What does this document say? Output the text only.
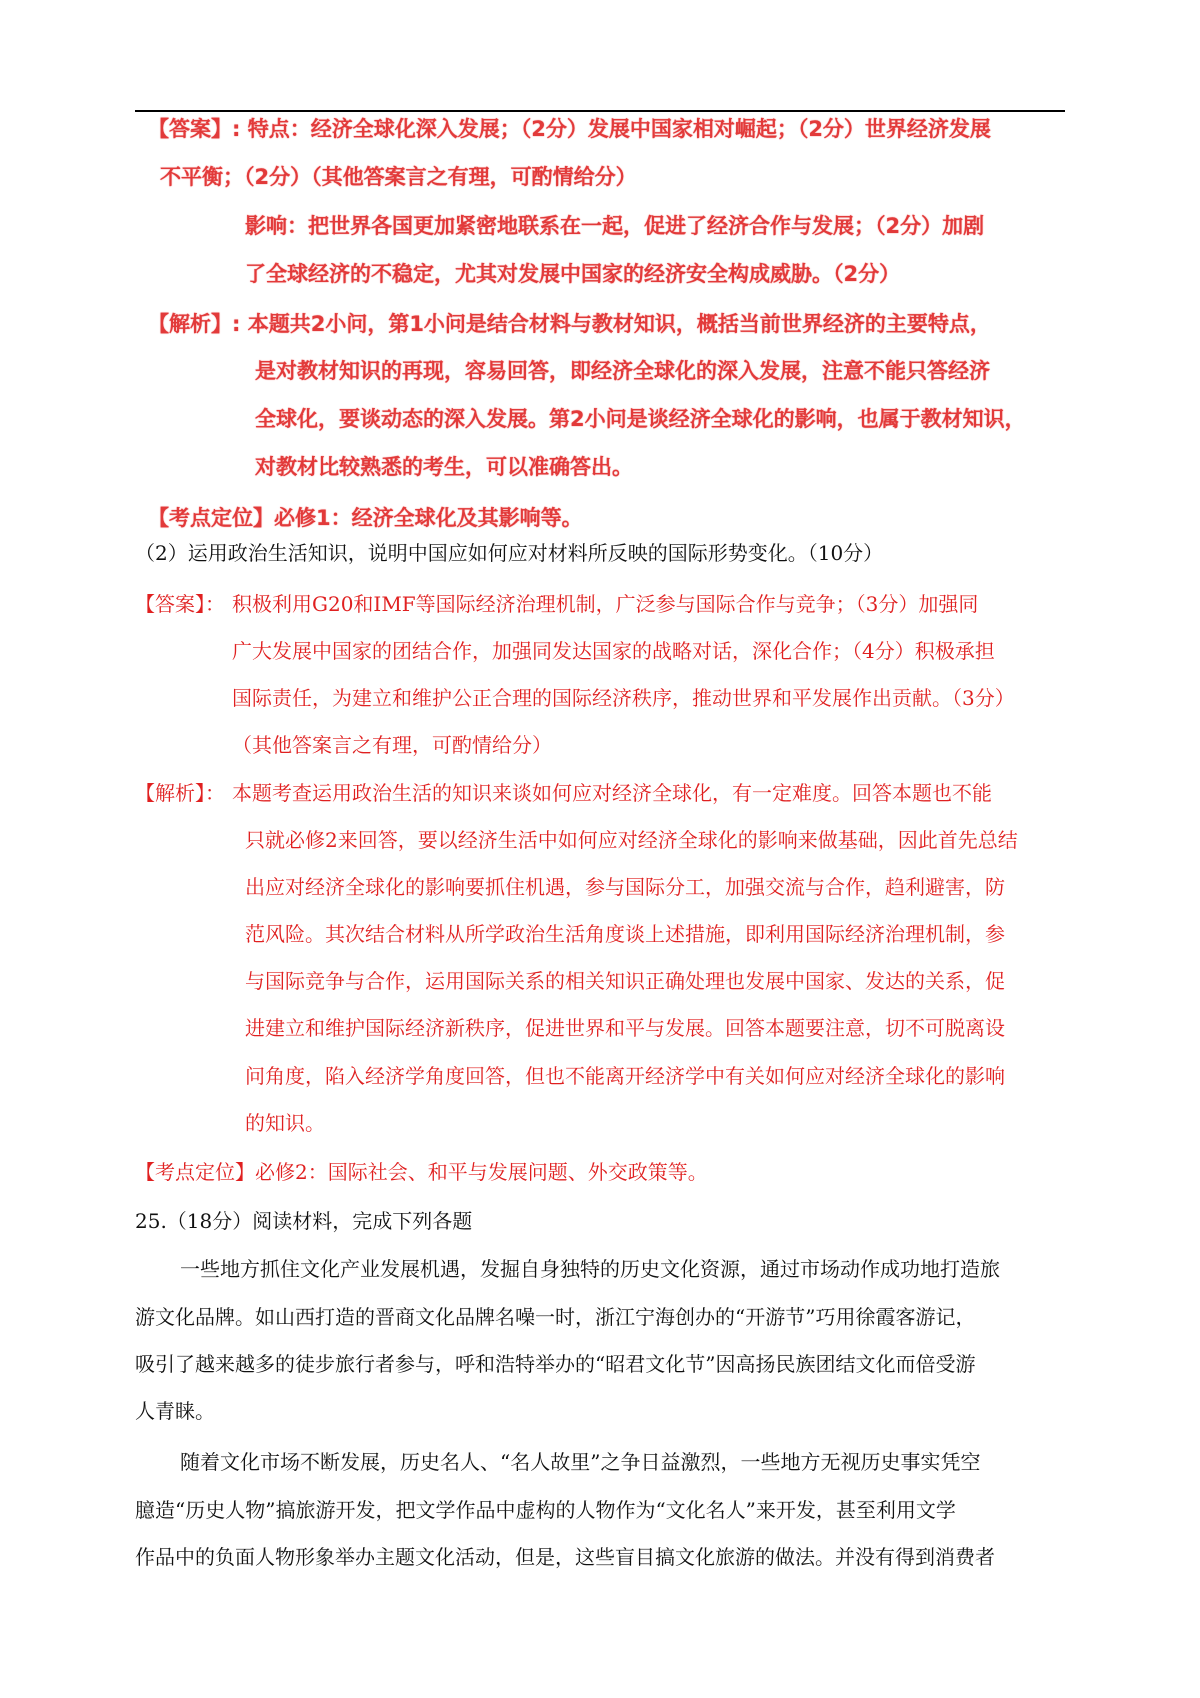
【答案】: 特点：经济全球化深入发展；（2分）发展中国家相对崛起；（2分）世界经济发展
不平衡；（2分）（其他答案言之有理，可酌情给分）
影响：把世界各国更加紧密地联系在一起，促进了经济合作与发展；（2分）加剧
了全球经济的不稳定，尤其对发展中国家的经济安全构成威胁。（2分）
【解析】: 本题共2小问，第1小问是结合材料与教材知识，概括当前世界经济的主要特点，
是对教材知识的再现，容易回答，即经济全球化的深入发展，注意不能只答经济
全球化，要谈动态的深入发展。第2小问是谈经济全球化的影响，也属于教材知识，
对教材比较熟悉的考生，可以准确答出。
【考点定位】必修1：经济全球化及其影响等。
（2）运用政治生活知识，说明中国应如何应对材料所反映的国际形势变化。（10分）
【答案】： 积极利用G20和IMF等国际经济治理机制，广泛参与国际合作与竞争；（3分）加强同
广大发展中国家的团结合作，加强同发达国家的战略对话，深化合作；（4分）积极承担
国际责任，为建立和维护公正合理的国际经济秩序，推动世界和平发展作出贡献。（3分）
（其他答案言之有理，可酌情给分）
【解析】： 本题考查运用政治生活的知识来谈如何应对经济全球化，有一定难度。回答本题也不能
只就必修2来回答，要以经济生活中如何应对经济全球化的影响来做基础，因此首先总结
出应对经济全球化的影响要抓住机遇，参与国际分工，加强交流与合作，趋利避害，防
范风险。其次结合材料从所学政治生活角度谈上述措施，即利用国际经济治理机制，参
与国际竞争与合作，运用国际关系的相关知识正确处理也发展中国家、发达的关系，促
进建立和维护国际经济新秩序，促进世界和平与发展。回答本题要注意，切不可脱离设
问角度，陷入经济学角度回答，但也不能离开经济学中有关如何应对经济全球化的影响
的知识。
【考点定位】必修2：国际社会、和平与发展问题、外交政策等。
25.（18分）阅读材料，完成下列各题
一些地方抓住文化产业发展机遇，发掘自身独特的历史文化资源，通过市场动作成功地打造旅
游文化品牌。如山西打造的晋商文化品牌名噪一时，浙江宁海创办的“开游节”巧用徐霞客游记，
吸引了越来越多的徒步旅行者参与，呼和浩特举办的“昭君文化节”因高扬民族团结文化而倍受游
人青睐。
随着文化市场不断发展，历史名人、“名人故里”之争日益激烈，一些地方无视历史事实凭空
臆造“历史人物”搞旅游开发，把文学作品中虚构的人物作为“文化名人”来开发，甚至利用文学
作品中的负面人物形象举办主题文化活动，但是，这些盲目搞文化旅游的做法。并没有得到消费者
